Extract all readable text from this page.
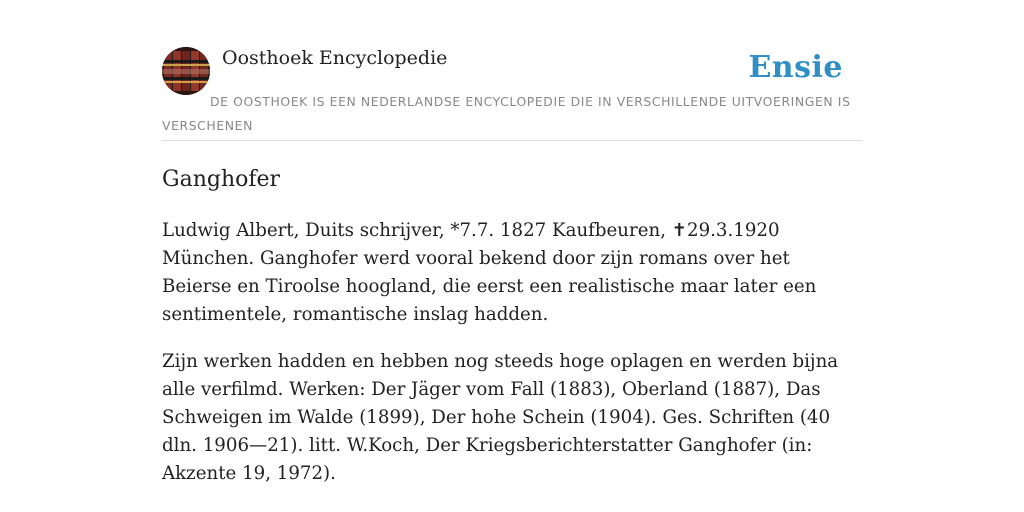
Oosthoek Encyclopedie	Ensie
DE OOSTHOEK IS EEN NEDERLANDSE ENCYCLOPEDIE DIE IN VERSCHILLENDE UITVOERINGEN IS VERSCHENEN
Ganghofer

Ludwig Albert, Duits schrijver, *7.7. 1827 Kaufbeuren, ✝29.3.1920 München. Ganghofer werd vooral bekend door zijn romans over het Beierse en Tiroolse hoogland, die eerst een realistische maar later een sentimentele, romantische inslag hadden.

Zijn werken hadden en hebben nog steeds hoge oplagen en werden bijna alle verfilmd. Werken: Der Jäger vom Fall (1883), Oberland (1887), Das Schweigen im Walde (1899), Der hohe Schein (1904). Ges. Schriften (40 dln. 1906—21). litt. W.Koch, Der Kriegsberichterstatter Ganghofer (in: Akzente 19, 1972).
